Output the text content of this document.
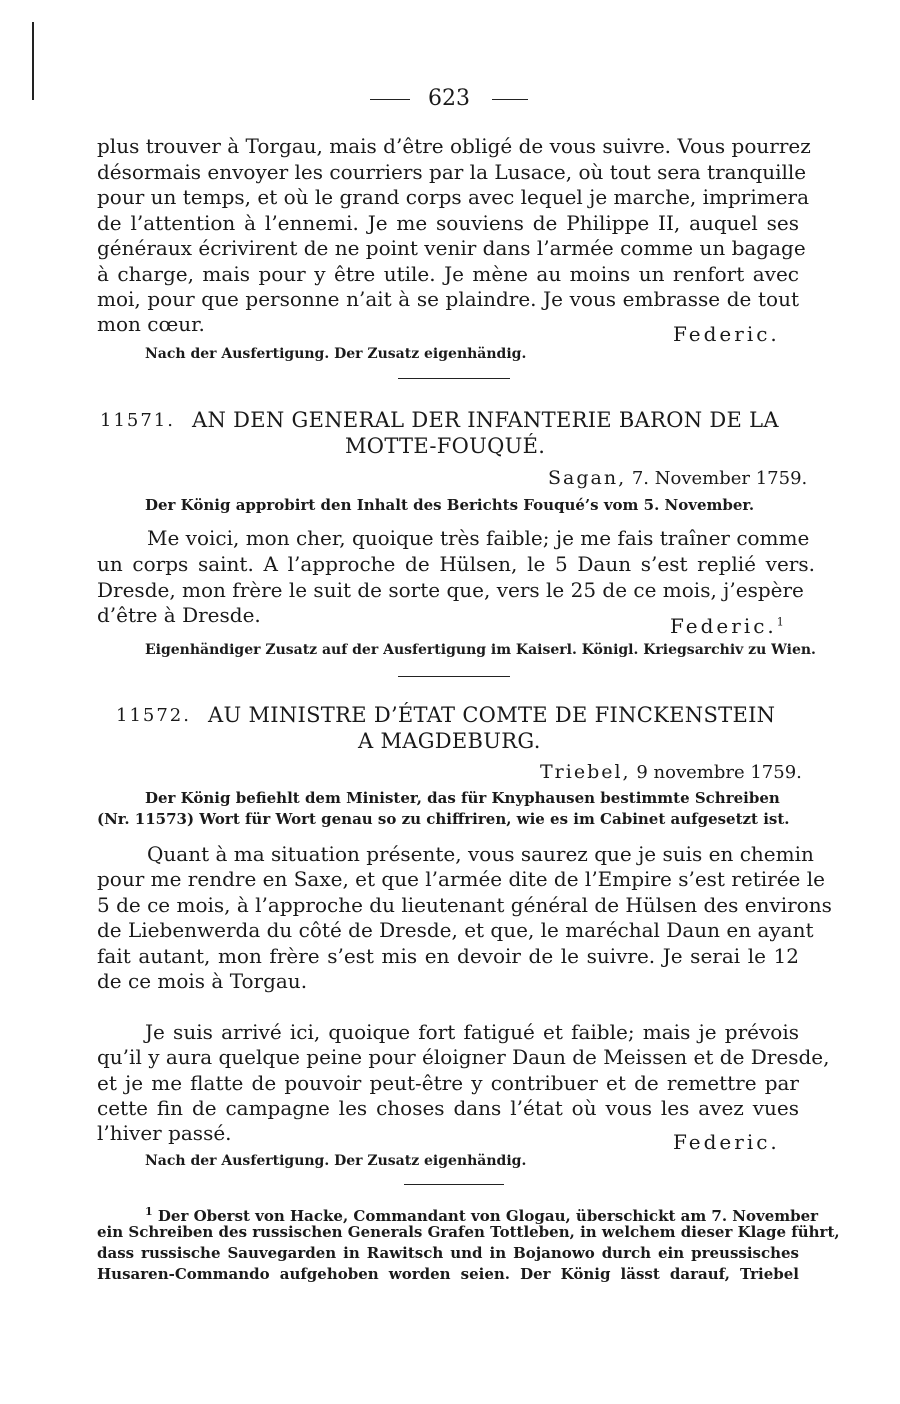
623
plus trouver à Torgau, mais d’être obligé de vous suivre. Vous pourrez
désormais envoyer les courriers par la Lusace, où tout sera tranquille
pour un temps, et où le grand corps avec lequel je marche, imprimera
de l’attention à l’ennemi. Je me souviens de Philippe II, auquel ses
généraux écrivirent de ne point venir dans l’armée comme un bagage
à charge, mais pour y être utile. Je mène au moins un renfort avec
moi, pour que personne n’ait à se plaindre. Je vous embrasse de tout
mon cœur.	Federic.
Nach der Ausfertigung. Der Zusatz eigenhändig.
11571. AN DEN GENERAL DER INFANTERIE BARON DE LA
MOTTE-FOUQUÉ.
Sagan, 7. November 1759.
Der König approbirt den Inhalt des Berichts Fouqué’s vom 5. November.
Me voici, mon cher, quoique très faible; je me fais traîner comme
un corps saint. A l’approche de Hülsen, le 5 Daun s’est replié vers.
Dresde, mon frère le suit de sorte que, vers le 25 de ce mois, j’espère
d’être à Dresde.	Federic.$^1$
Eigenhändiger Zusatz auf der Ausfertigung im Kaiserl. Königl. Kriegsarchiv zu Wien.
11572. AU MINISTRE D’ÉTAT COMTE DE FINCKENSTEIN
A MAGDEBURG.
Triebel, 9 novembre 1759.
Der König befiehlt dem Minister, das für Knyphausen bestimmte Schreiben
(Nr. 11573) Wort für Wort genau so zu chiffriren, wie es im Cabinet aufgesetzt ist.
Quant à ma situation présente, vous saurez que je suis en chemin
pour me rendre en Saxe, et que l’armée dite de l’Empire s’est retirée le
5 de ce mois, à l’approche du lieutenant général de Hülsen des environs
de Liebenwerda du côté de Dresde, et que, le maréchal Daun en ayant
fait autant, mon frère s’est mis en devoir de le suivre. Je serai le 12
de ce mois à Torgau.
Je suis arrivé ici, quoique fort fatigué et faible; mais je prévois
qu’il y aura quelque peine pour éloigner Daun de Meissen et de Dresde,
et je me flatte de pouvoir peut-être y contribuer et de remettre par
cette fin de campagne les choses dans l’état où vous les avez vues
l’hiver passé.	Federic.
Nach der Ausfertigung. Der Zusatz eigenhändig.
$^1$ Der Oberst von Hacke, Commandant von Glogau, überschickt am 7. November
ein Schreiben des russischen Generals Grafen Tottleben, in welchem dieser Klage führt,
dass russische Sauvegarden in Rawitsch und in Bojanowo durch ein preussisches
Husaren-Commando aufgehoben worden seien. Der König lässt darauf, Triebel
